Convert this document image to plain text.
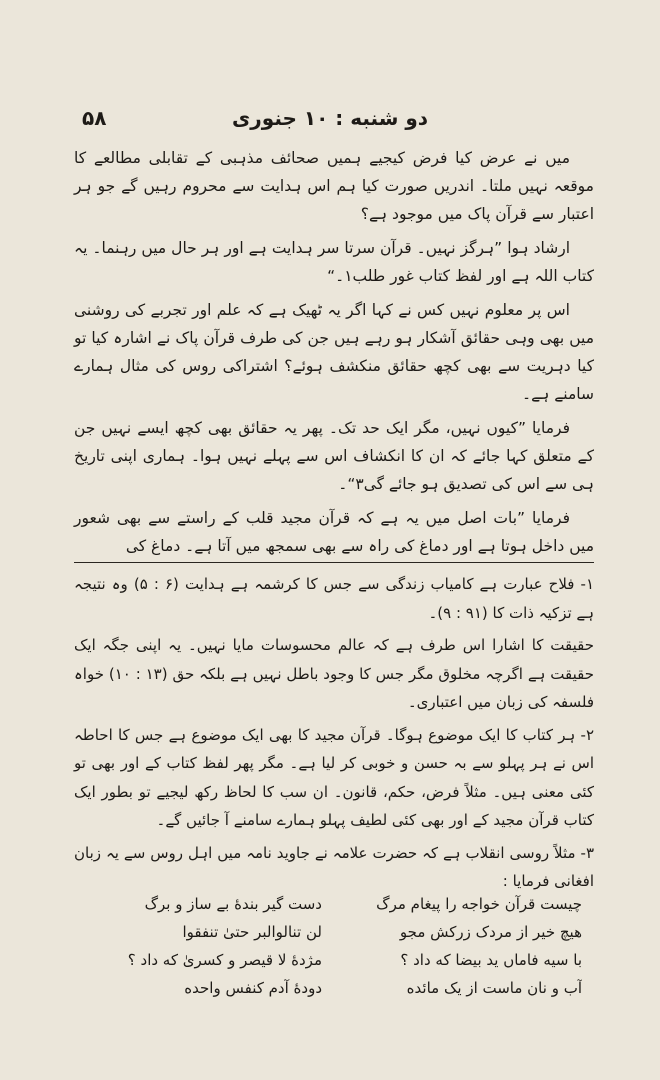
دو شنبه : ۱۰ جنوری
۵۸

میں نے عرض کیا فرض کیجیے ہمیں صحائف مذہبی کے تقابلی مطالعے کا موقعہ نہیں ملتا۔ اندریں صورت کیا ہم اس ہدایت سے محروم رہیں گے جو ہر اعتبار سے قرآن پاک میں موجود ہے؟

ارشاد ہوا ”ہرگز نہیں۔ قرآن سرتا سر ہدایت ہے اور ہر حال میں رہنما۔ یہ کتاب اللہ ہے اور لفظ کتاب غور طلب۱۔“

اس پر معلوم نہیں کس نے کہا اگر یہ ٹھیک ہے کہ علم اور تجربے کی روشنی میں بھی وہی حقائق آشکار ہو رہے ہیں جن کی طرف قرآن پاک نے اشارہ کیا تو کیا دہریت سے بھی کچھ حقائق منکشف ہوئے؟ اشتراکی روس کی مثال ہمارے سامنے ہے۔

فرمایا ”کیوں نہیں، مگر ایک حد تک۔ پھر یہ حقائق بھی کچھ ایسے نہیں جن کے متعلق کہا جائے کہ ان کا انکشاف اس سے پہلے نہیں ہوا۔ ہماری اپنی تاریخ ہی سے اس کی تصدیق ہو جائے گی۳“۔

فرمایا ”بات اصل میں یہ ہے کہ قرآن مجید قلب کے راستے سے بھی شعور میں داخل ہوتا ہے اور دماغ کی راہ سے بھی سمجھ میں آتا ہے۔ دماغ کی

۱- فلاح عبارت ہے کامیاب زندگی سے جس کا کرشمہ ہے ہدایت (۶ : ۵) وہ نتیجہ ہے تزکیہ ذات کا (۹۱ : ۹)۔

حقیقت کا اشارا اس طرف ہے کہ عالم محسوسات مایا نہیں۔ یہ اپنی جگہ ایک حقیقت ہے اگرچہ مخلوق مگر جس کا وجود باطل نہیں ہے بلکہ حق (۱۳ : ۱۰) خواہ فلسفہ کی زبان میں اعتباری۔

۲- ہر کتاب کا ایک موضوع ہوگا۔ قرآن مجید کا بھی ایک موضوع ہے جس کا احاطہ اس نے ہر پہلو سے بہ حسن و خوبی کر لیا ہے۔ مگر پھر لفظ کتاب کے اور بھی تو کئی معنی ہیں۔ مثلاً فرض، حکم، قانون۔ ان سب کا لحاظ رکھ لیجیے تو بطور ایک کتاب قرآن مجید کے اور بھی کئی لطیف پہلو ہمارے سامنے آ جائیں گے۔

۳- مثلاً روسی انقلاب ہے کہ حضرت علامہ نے جاوید نامہ میں اہل روس سے یہ زبان افغانی فرمایا :

چیست قرآن خواجه را پیغام مرگ
دست گیر بندهٔ بے ساز و برگ
هیچ خیر از مردک زرکش مجو
لن تنالوالبر حتیٰ تنفقوا
با سیه فاماں ید بیضا که داد ؟
مژدهٔ لا قیصر و کسریٰ که داد ؟
آب و نان ماست از یک مائده
دودهٔ آدم کنفس واحده
